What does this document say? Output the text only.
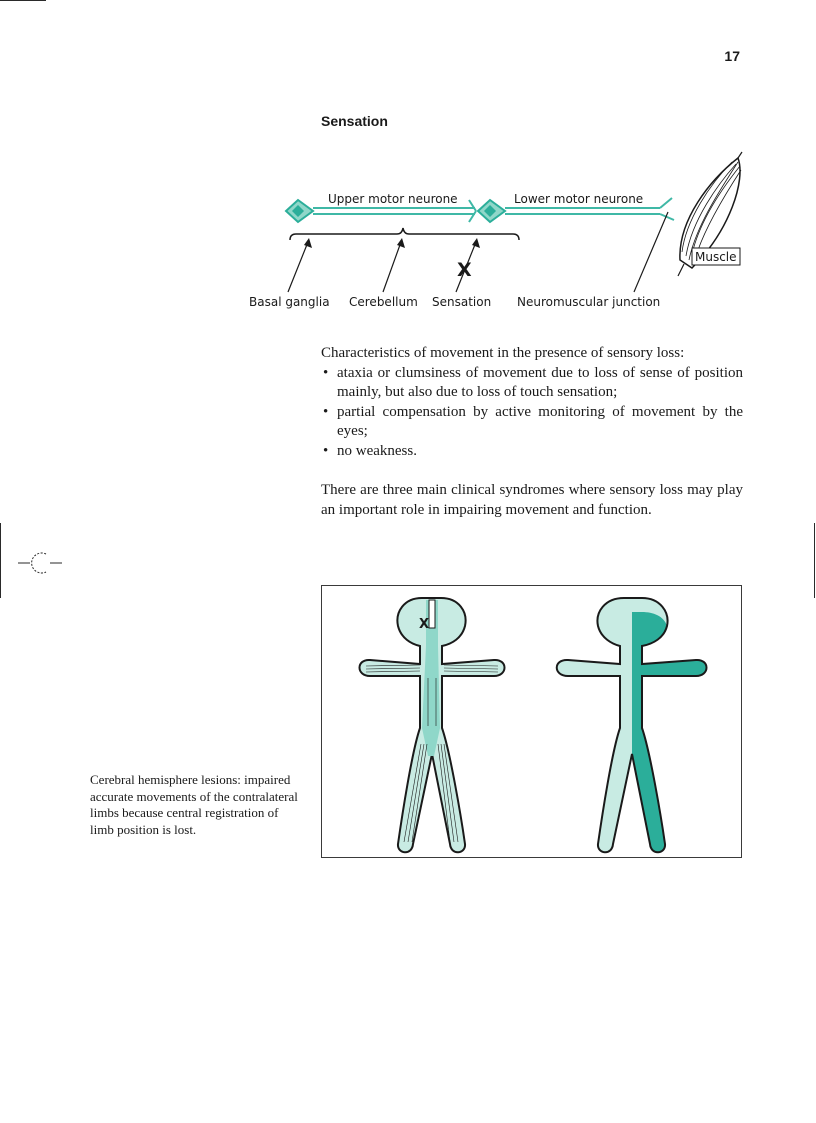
17
Sensation
Upper motor neurone	Lower motor neurone
Muscle
X
Basal ganglia Cerebellum Sensation Neuromuscular junction
Characteristics of movement in the presence of sensory loss:
• ataxia or clumsiness of movement due to loss of sense of position mainly, but also due to loss of touch sensation;
• partial compensation by active monitoring of movement by the eyes;
• no weakness.
There are three main clinical syndromes where sensory loss may play an important role in impairing movement and function.
X
Cerebral hemisphere lesions: impaired accurate movements of the contralateral limbs because central registration of limb position is lost.
